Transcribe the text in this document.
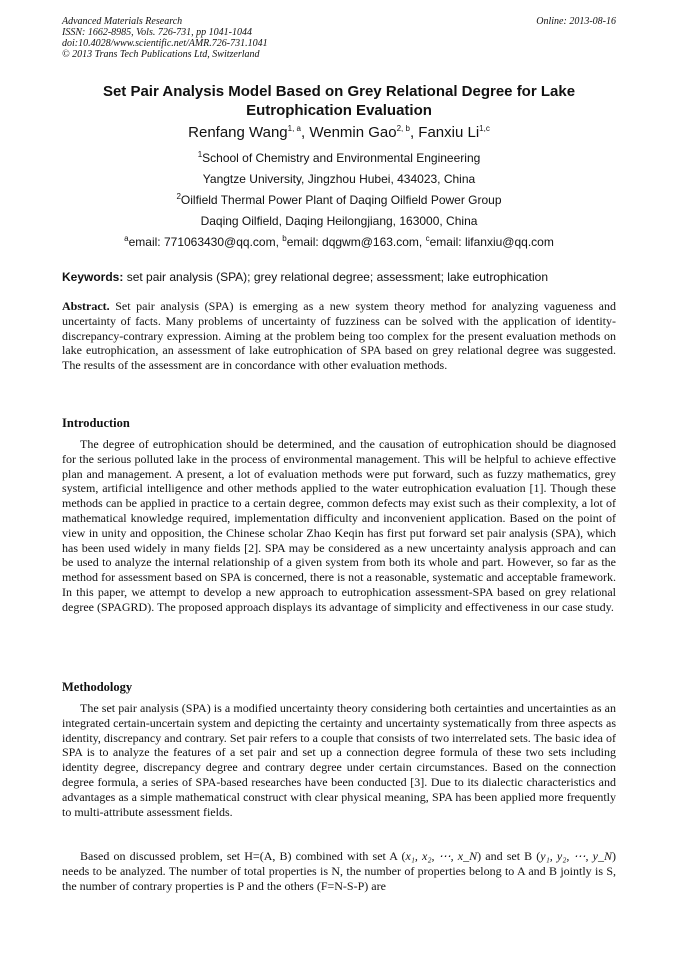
Advanced Materials Research
ISSN: 1662-8985, Vols. 726-731, pp 1041-1044
doi:10.4028/www.scientific.net/AMR.726-731.1041
© 2013 Trans Tech Publications Ltd, Switzerland
Online: 2013-08-16
Set Pair Analysis Model Based on Grey Relational Degree for Lake Eutrophication Evaluation
Renfang Wang$^{1, a}$, Wenmin Gao$^{2, b}$, Fanxiu Li$^{1,c}$
$^1$School of Chemistry and Environmental Engineering
Yangtze University, Jingzhou Hubei, 434023, China
$^2$Oilfield Thermal Power Plant of Daqing Oilfield Power Group
Daqing Oilfield, Daqing Heilongjiang, 163000, China
$^a$email: 771063430@qq.com, $^b$email: dqgwm@163.com, $^c$email: lifanxiu@qq.com
Keywords: set pair analysis (SPA); grey relational degree; assessment; lake eutrophication
Abstract. Set pair analysis (SPA) is emerging as a new system theory method for analyzing vagueness and uncertainty of facts. Many problems of uncertainty of fuzziness can be solved with the application of identity-discrepancy-contrary expression. Aiming at the problem being too complex for the present evaluation methods on lake eutrophication, an assessment of lake eutrophication of SPA based on grey relational degree was suggested. The results of the assessment are in concordance with other evaluation methods.
Introduction
The degree of eutrophication should be determined, and the causation of eutrophication should be diagnosed for the serious polluted lake in the process of environmental management. This will be helpful to achieve effective plan and management. A present, a lot of evaluation methods were put forward, such as fuzzy mathematics, grey system, artificial intelligence and other methods applied to the water eutrophication evaluation [1]. Though these methods can be applied in practice to a certain degree, common defects may exist such as their complexity, a lot of mathematical knowledge required, implementation difficulty and inconvenient application. Based on the point of view in unity and opposition, the Chinese scholar Zhao Keqin has first put forward set pair analysis (SPA), which has been used widely in many fields [2]. SPA may be considered as a new uncertainty analysis approach and can be used to analyze the internal relationship of a given system from both its whole and part. However, so far as the method for assessment based on SPA is concerned, there is not a reasonable, systematic and acceptable framework. In this paper, we attempt to develop a new approach to eutrophication assessment-SPA based on grey relational degree (SPAGRD). The proposed approach displays its advantage of simplicity and effectiveness in our case study.
Methodology
The set pair analysis (SPA) is a modified uncertainty theory considering both certainties and uncertainties as an integrated certain-uncertain system and depicting the certainty and uncertainty systematically from three aspects as identity, discrepancy and contrary. Set pair refers to a couple that consists of two interrelated sets. The basic idea of SPA is to analyze the features of a set pair and set up a connection degree formula of these two sets including identity degree, discrepancy degree and contrary degree under certain circumstances. Based on the connection degree formula, a series of SPA-based researches have been conducted [3]. Due to its dialectic characteristics and advantages as a simple mathematical construct with clear physical meaning, SPA has been applied more frequently to multi-attribute assessment fields.
Based on discussed problem, set H=(A, B) combined with set A (x₁, x₂, ⋯, x_N) and set B (y₁, y₂, ⋯, y_N) needs to be analyzed. The number of total properties is N, the number of properties belong to A and B jointly is S, the number of contrary properties is P and the others (F=N-S-P) are
